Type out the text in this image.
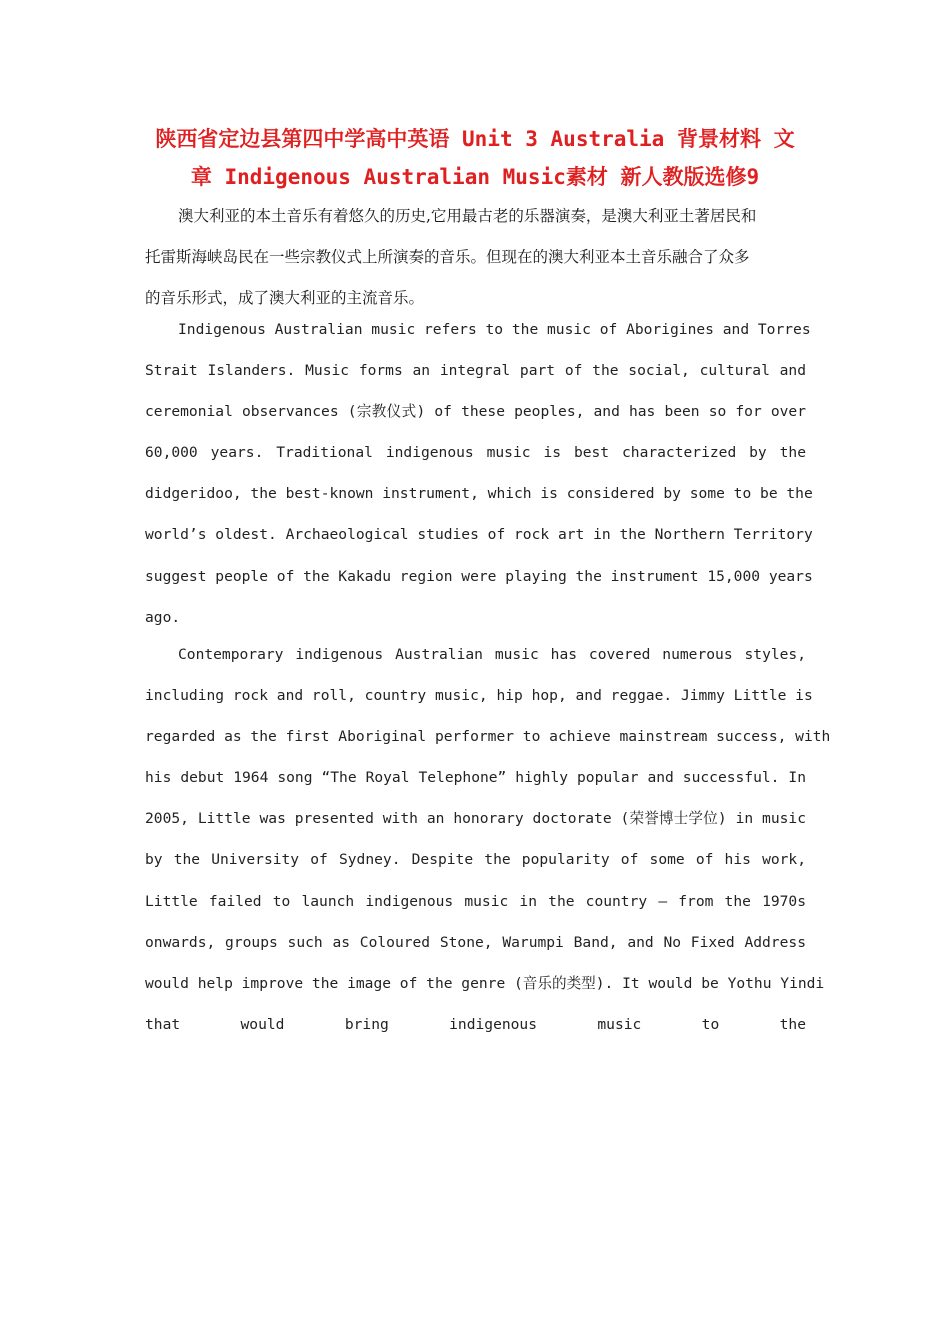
陕西省定边县第四中学高中英语 Unit 3 Australia 背景材料 文
章 Indigenous Australian Music素材 新人教版选修9
澳大利亚的本土音乐有着悠久的历史,它用最古老的乐器演奏，是澳大利亚土著居民和
托雷斯海峡岛民在一些宗教仪式上所演奏的音乐。但现在的澳大利亚本土音乐融合了众多
的音乐形式，成了澳大利亚的主流音乐。
Indigenous Australian music refers to the music of Aborigines and Torres
Strait Islanders. Music forms an integral part of the social, cultural and
ceremonial observances (宗教仪式) of these peoples, and has been so for over
60,000 years. Traditional indigenous music is best characterized by the
didgeridoo, the best-known instrument, which is considered by some to be the
world’s oldest. Archaeological studies of rock art in the Northern Territory
suggest people of the Kakadu region were playing the instrument 15,000 years
ago.
Contemporary indigenous Australian music has covered numerous styles,
including rock and roll, country music, hip hop, and reggae. Jimmy Little is
regarded as the first Aboriginal performer to achieve mainstream success, with
his debut 1964 song “The Royal Telephone” highly popular and successful. In
2005, Little was presented with an honorary doctorate (荣誉博士学位) in music
by the University of Sydney. Despite the popularity of some of his work,
Little failed to launch indigenous music in the country — from the 1970s
onwards, groups such as Coloured Stone, Warumpi Band, and No Fixed Address
would help improve the image of the genre (音乐的类型). It would be Yothu Yindi
that would bring indigenous music to the
